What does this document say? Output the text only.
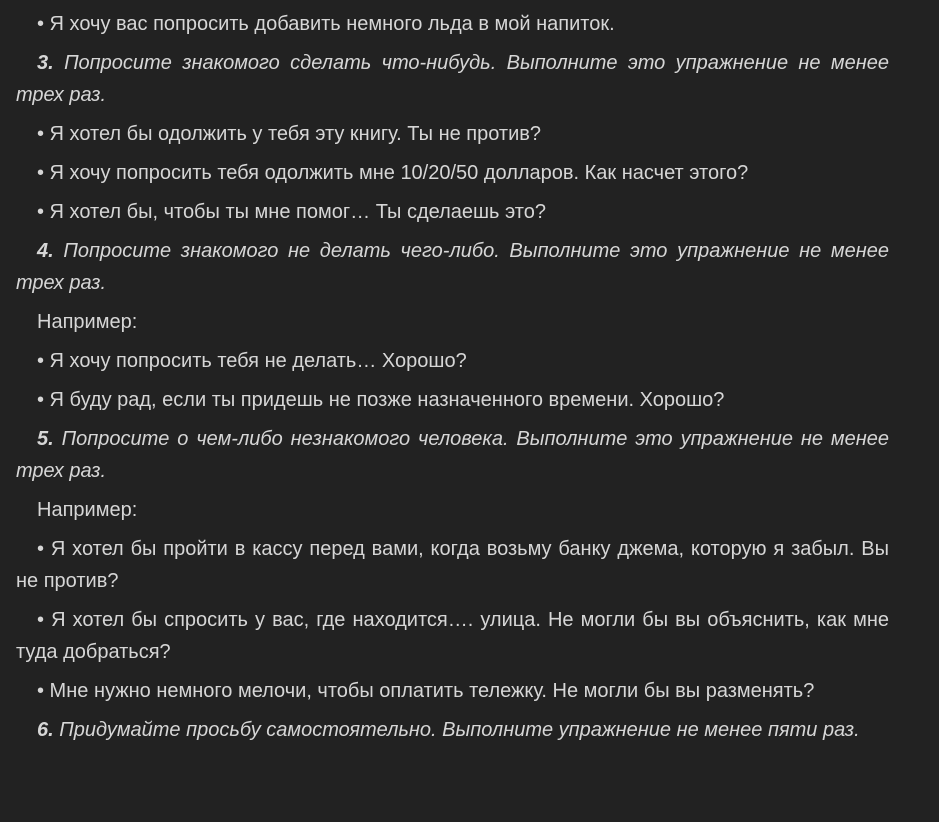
• Я хочу вас попросить добавить немного льда в мой напиток.

3. Попросите знакомого сделать что-нибудь. Выполните это упражнение не менее трех раз.

• Я хотел бы одолжить у тебя эту книгу. Ты не против?

• Я хочу попросить тебя одолжить мне 10/20/50 долларов. Как насчет этого?

• Я хотел бы, чтобы ты мне помог… Ты сделаешь это?

4. Попросите знакомого не делать чего-либо. Выполните это упражнение не менее трех раз.

Например:

• Я хочу попросить тебя не делать… Хорошо?

• Я буду рад, если ты придешь не позже назначенного времени. Хорошо?

5. Попросите о чем-либо незнакомого человека. Выполните это упражнение не менее трех раз.

Например:

• Я хотел бы пройти в кассу перед вами, когда возьму банку джема, которую я забыл. Вы не против?

• Я хотел бы спросить у вас, где находится…. улица. Не могли бы вы объяснить, как мне туда добраться?

• Мне нужно немного мелочи, чтобы оплатить тележку. Не могли бы вы разменять?

6. Придумайте просьбу самостоятельно. Выполните упражнение не менее пяти раз.
